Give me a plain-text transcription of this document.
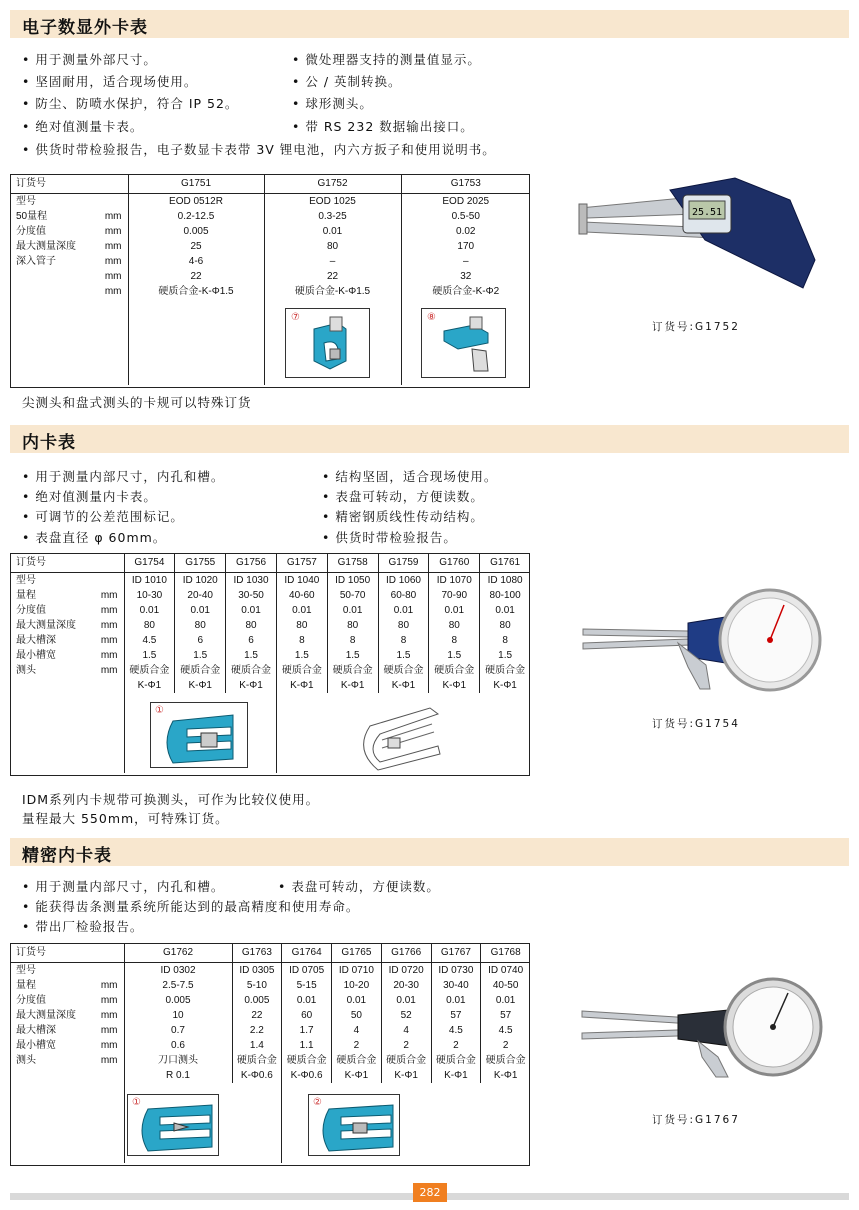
电子数显外卡表
• 用于测量外部尺寸。
• 坚固耐用，适合现场使用。
• 防尘、防喷水保护，符合 IP 52。
• 绝对值测量卡表。
• 微处理器支持的测量值显示。
• 公 / 英制转换。
• 球形测头。
• 带 RS 232 数据输出接口。
• 供货时带检验报告，电子数显卡表带 3V 锂电池，内六方扳子和使用说明书。
订货号		G1751	G1752	G1753
型号		EOD 0512R	EOD 1025	EOD 2025
50量程	mm	0.2-12.5	0.3-25	0.5-50
分度值	mm	0.005	0.01	0.02
最大测量深度	mm	25	80	170
深入管子	mm	4-6	–	–
	mm	22	22	32
	mm	硬质合金-K-Φ1.5	硬质合金-K-Φ1.5	硬质合金-K-Φ2

⑦	⑧
尖测头和盘式测头的卡规可以特殊订货
25.51
订货号:G1752
内卡表
• 用于测量内部尺寸，内孔和槽。
• 绝对值测量内卡表。
• 可调节的公差范围标记。
• 表盘直径 φ 60mm。
• 结构坚固，适合现场使用。
• 表盘可转动，方便读数。
• 精密钢质线性传动结构。
• 供货时带检验报告。
订货号		G1754	G1755	G1756	G1757	G1758	G1759	G1760	G1761
型号		ID 1010	ID 1020	ID 1030	ID 1040	ID 1050	ID 1060	ID 1070	ID 1080
量程	mm	10-30	20-40	30-50	40-60	50-70	60-80	70-90	80-100
分度值	mm	0.01	0.01	0.01	0.01	0.01	0.01	0.01	0.01
最大测量深度	mm	80	80	80	80	80	80	80	80
最大槽深	mm	4.5	6	6	8	8	8	8	8
最小槽宽	mm	1.5	1.5	1.5	1.5	1.5	1.5	1.5	1.5
测头	mm	硬质合金	硬质合金	硬质合金	硬质合金	硬质合金	硬质合金	硬质合金	硬质合金
		K-Φ1	K-Φ1	K-Φ1	K-Φ1	K-Φ1	K-Φ1	K-Φ1	K-Φ1

①
IDM系列内卡规带可换测头，可作为比较仪使用。
量程最大 550mm，可特殊订货。
订货号:G1754
精密内卡表
• 用于测量内部尺寸，内孔和槽。
• 能获得齿条测量系统所能达到的最高精度和使用寿命。
• 带出厂检验报告。
• 表盘可转动，方便读数。
订货号		G1762	G1763	G1764	G1765	G1766	G1767	G1768
型号		ID 0302	ID 0305	ID 0705	ID 0710	ID 0720	ID 0730	ID 0740
量程	mm	2.5-7.5	5-10	5-15	10-20	20-30	30-40	40-50
分度值	mm	0.005	0.005	0.01	0.01	0.01	0.01	0.01
最大测量深度	mm	10	22	60	50	52	57	57
最大槽深	mm	0.7	2.2	1.7	4	4	4.5	4.5
最小槽宽	mm	0.6	1.4	1.1	2	2	2	2
测头	mm	刀口测头	硬质合金	硬质合金	硬质合金	硬质合金	硬质合金	硬质合金
		R 0.1	K-Φ0.6	K-Φ0.6	K-Φ1	K-Φ1	K-Φ1	K-Φ1

①	②
订货号:G1767
282
